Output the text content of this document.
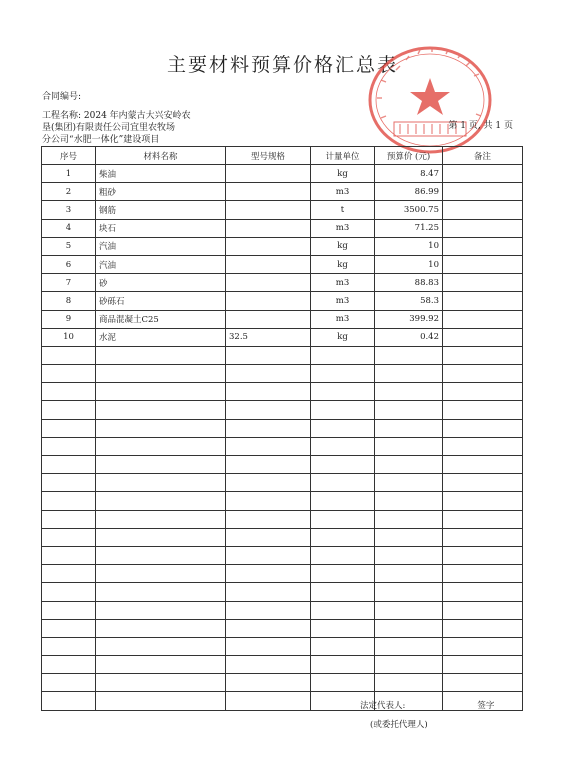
主要材料预算价格汇总表
合同编号:
工程名称: 2024 年内蒙古大兴安岭农
垦(集团)有限责任公司宜里农牧场
分公司“水肥一体化”建设项目
第 1 页, 共 1 页
序号	材料名称	型号规格	计量单位	预算价 (元)	备注
1	柴油		kg	8.47	
2	粗砂		m3	86.99	
3	钢筋		t	3500.75	
4	块石		m3	71.25	
5	汽油		kg	10	
6	汽油		kg	10	
7	砂		m3	88.83	
8	砂砾石		m3	58.3	
9	商品混凝土C25		m3	399.92	
10	水泥	32.5	kg	0.42	

法定代表人:	签字
(或委托代理人)
